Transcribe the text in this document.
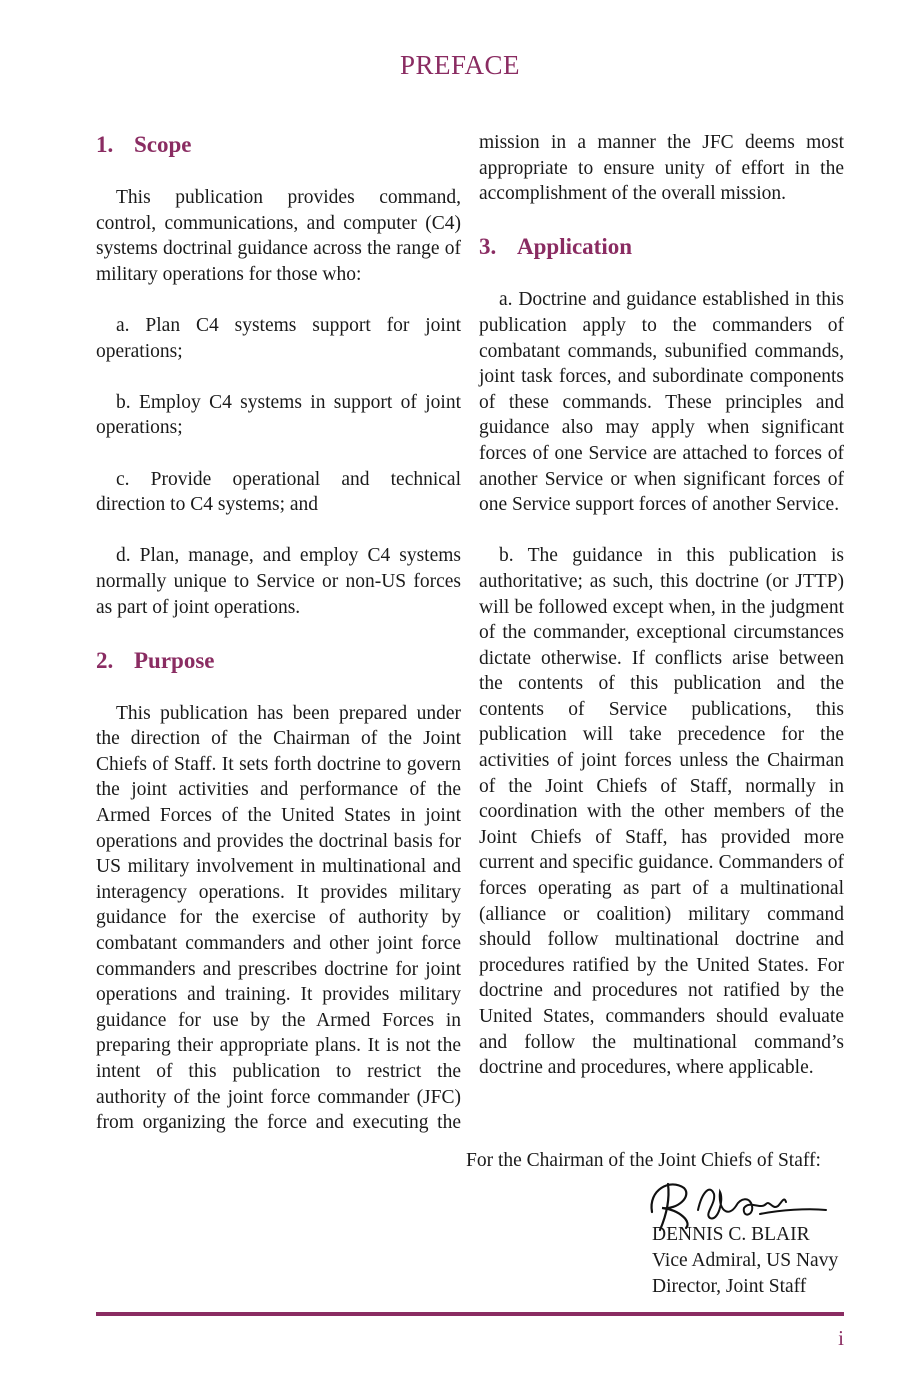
PREFACE
1. Scope

This publication provides command, control, communications, and computer (C4) systems doctrinal guidance across the range of military operations for those who:

a. Plan C4 systems support for joint operations;

b. Employ C4 systems in support of joint operations;

c. Provide operational and technical direction to C4 systems; and

d. Plan, manage, and employ C4 systems normally unique to Service or non-US forces as part of joint operations.

2. Purpose

This publication has been prepared under the direction of the Chairman of the Joint Chiefs of Staff. It sets forth doctrine to govern the joint activities and performance of the Armed Forces of the United States in joint operations and provides the doctrinal basis for US military involvement in multinational and interagency operations. It provides military guidance for the exercise of authority by combatant commanders and other joint force commanders and prescribes doctrine for joint operations and training. It provides military guidance for use by the Armed Forces in preparing their appropriate plans. It is not the intent of this publication to restrict the authority of the joint force commander (JFC) from organizing the force and executing the

mission in a manner the JFC deems most appropriate to ensure unity of effort in the accomplishment of the overall mission.

3. Application

a. Doctrine and guidance established in this publication apply to the commanders of combatant commands, subunified commands, joint task forces, and subordinate components of these commands. These principles and guidance also may apply when significant forces of one Service are attached to forces of another Service or when significant forces of one Service support forces of another Service.

b. The guidance in this publication is authoritative; as such, this doctrine (or JTTP) will be followed except when, in the judgment of the commander, exceptional circumstances dictate otherwise. If conflicts arise between the contents of this publication and the contents of Service publications, this publication will take precedence for the activities of joint forces unless the Chairman of the Joint Chiefs of Staff, normally in coordination with the other members of the Joint Chiefs of Staff, has provided more current and specific guidance. Commanders of forces operating as part of a multinational (alliance or coalition) military command should follow multinational doctrine and procedures ratified by the United States. For doctrine and procedures not ratified by the United States, commanders should evaluate and follow the multinational command’s doctrine and procedures, where applicable.

For the Chairman of the Joint Chiefs of Staff:
DENNIS C. BLAIR
Vice Admiral, US Navy
Director, Joint Staff
i
